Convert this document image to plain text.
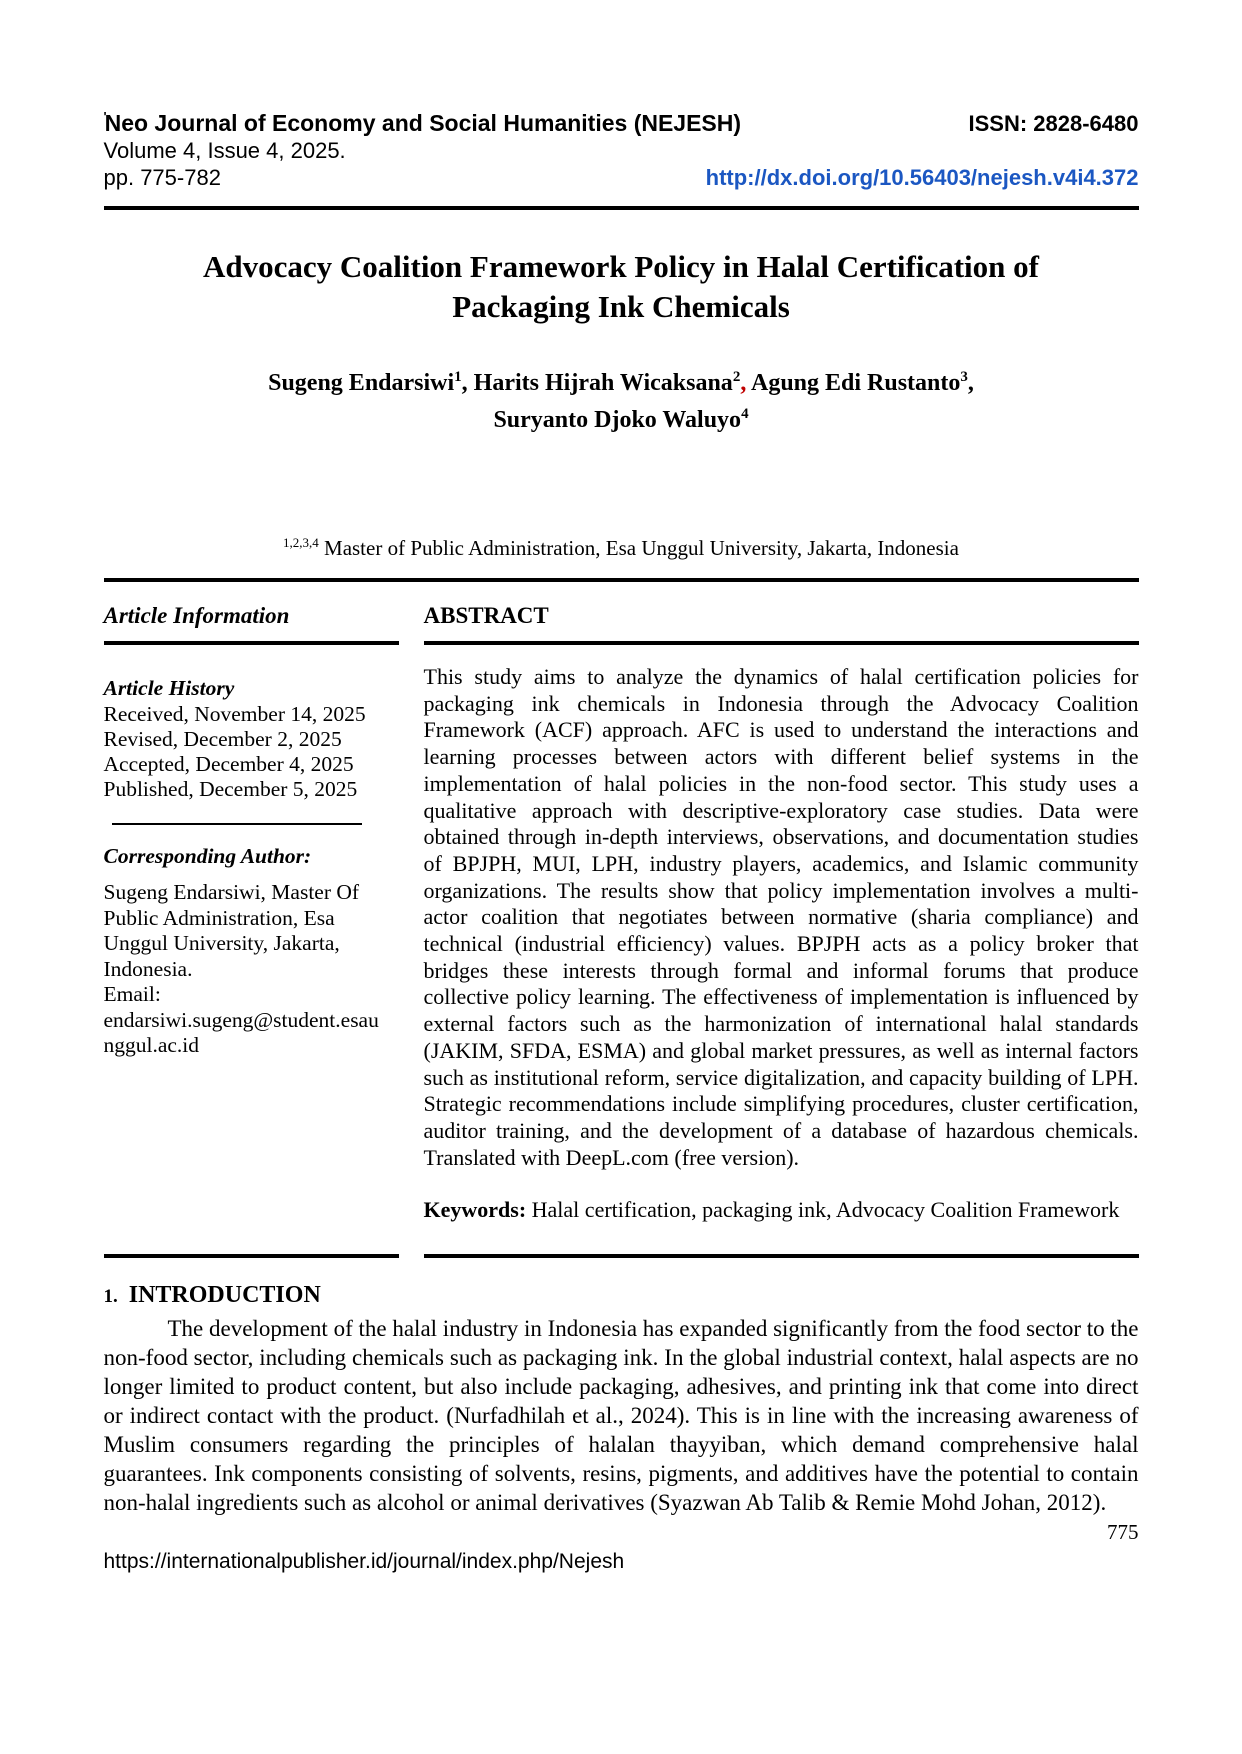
'Neo Journal of Economy and Social Humanities (NEJESH)	ISSN: 2828-6480
Volume 4, Issue 4, 2025.
pp. 775-782	http://dx.doi.org/10.56403/nejesh.v4i4.372
Advocacy Coalition Framework Policy in Halal Certification of
Packaging Ink Chemicals
Sugeng Endarsiwi$^1$, Harits Hijrah Wicaksana$^2$, Agung Edi Rustanto$^3$,
Suryanto Djoko Waluyo$^4$
$^{1,2,3,4}$ Master of Public Administration, Esa Unggul University, Jakarta, Indonesia
Article Information	ABSTRACT
Article History
Received, November 14, 2025
Revised, December 2, 2025
Accepted, December 4, 2025
Published, December 5, 2025
Corresponding Author:
Sugeng Endarsiwi, Master Of
Public Administration, Esa
Unggul University, Jakarta,
Indonesia.
Email:
endarsiwi.sugeng@student.esau
nggul.ac.id

This study aims to analyze the dynamics of halal certification policies for packaging ink chemicals in Indonesia through the Advocacy Coalition Framework (ACF) approach. AFC is used to understand the interactions and learning processes between actors with different belief systems in the implementation of halal policies in the non-food sector. This study uses a qualitative approach with descriptive-exploratory case studies. Data were obtained through in-depth interviews, observations, and documentation studies of BPJPH, MUI, LPH, industry players, academics, and Islamic community organizations. The results show that policy implementation involves a multi-actor coalition that negotiates between normative (sharia compliance) and technical (industrial efficiency) values. BPJPH acts as a policy broker that bridges these interests through formal and informal forums that produce collective policy learning. The effectiveness of implementation is influenced by external factors such as the harmonization of international halal standards (JAKIM, SFDA, ESMA) and global market pressures, as well as internal factors such as institutional reform, service digitalization, and capacity building of LPH. Strategic recommendations include simplifying procedures, cluster certification, auditor training, and the development of a database of hazardous chemicals. Translated with DeepL.com (free version).

Keywords: Halal certification, packaging ink, Advocacy Coalition Framework

1. INTRODUCTION

The development of the halal industry in Indonesia has expanded significantly from the food sector to the non-food sector, including chemicals such as packaging ink. In the global industrial context, halal aspects are no longer limited to product content, but also include packaging, adhesives, and printing ink that come into direct or indirect contact with the product. (Nurfadhilah et al., 2024). This is in line with the increasing awareness of Muslim consumers regarding the principles of halalan thayyiban, which demand comprehensive halal guarantees. Ink components consisting of solvents, resins, pigments, and additives have the potential to contain non-halal ingredients such as alcohol or animal derivatives (Syazwan Ab Talib & Remie Mohd Johan, 2012).

775
https://internationalpublisher.id/journal/index.php/Nejesh
